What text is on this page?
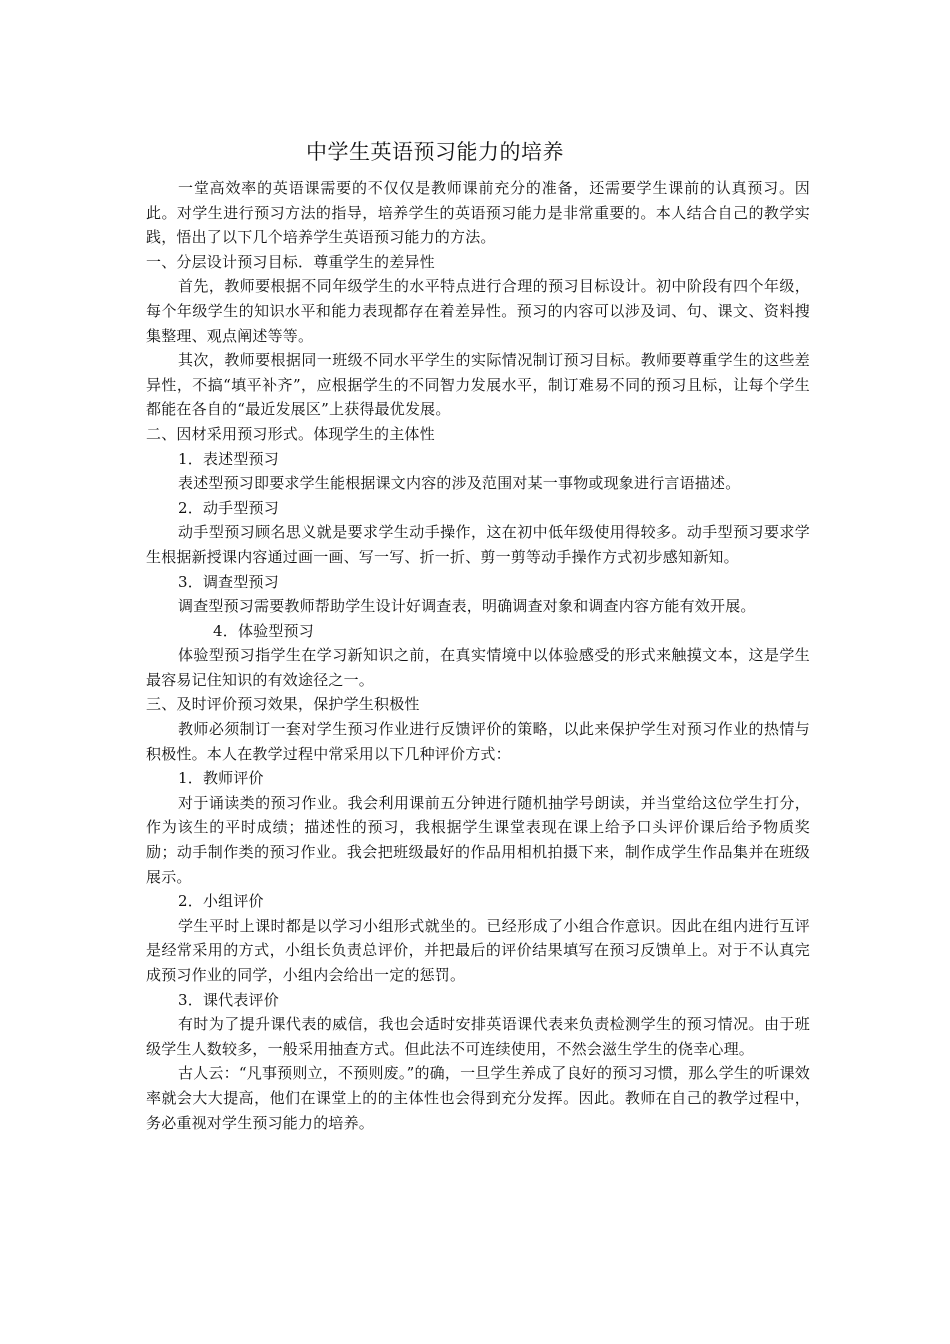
中学生英语预习能力的培养

一堂高效率的英语课需要的不仅仅是教师课前充分的准备，还需要学生课前的认真预习。因此。对学生进行预习方法的指导，培养学生的英语预习能力是非常重要的。本人结合自己的教学实践，悟出了以下几个培养学生英语预习能力的方法。

一、分层设计预习目标．尊重学生的差异性

首先，教师要根据不同年级学生的水平特点进行合理的预习目标设计。初中阶段有四个年级，每个年级学生的知识水平和能力表现都存在着差异性。预习的内容可以涉及词、句、课文、资料搜集整理、观点阐述等等。

其次，教师要根据同一班级不同水平学生的实际情况制订预习目标。教师要尊重学生的这些差异性，不搞“填平补齐”，应根据学生的不同智力发展水平，制订难易不同的预习且标，让每个学生都能在各自的“最近发展区”上获得最优发展。

二、因材采用预习形式。体现学生的主体性

1．表述型预习

表述型预习即要求学生能根据课文内容的涉及范围对某一事物或现象进行言语描述。

2．动手型预习

动手型预习顾名思义就是要求学生动手操作，这在初中低年级使用得较多。动手型预习要求学生根据新授课内容通过画一画、写一写、折一折、剪一剪等动手操作方式初步感知新知。

3．调查型预习

调查型预习需要教师帮助学生设计好调查表，明确调查对象和调查内容方能有效开展。

4．体验型预习

体验型预习指学生在学习新知识之前，在真实情境中以体验感受的形式来触摸文本，这是学生最容易记住知识的有效途径之一。

三、及时评价预习效果，保护学生积极性

教师必须制订一套对学生预习作业进行反馈评价的策略，以此来保护学生对预习作业的热情与积极性。本人在教学过程中常采用以下几种评价方式：

1．教师评价

对于诵读类的预习作业。我会利用课前五分钟进行随机抽学号朗读，并当堂给这位学生打分，作为该生的平时成绩；描述性的预习，我根据学生课堂表现在课上给予口头评价课后给予物质奖励；动手制作类的预习作业。我会把班级最好的作品用相机拍摄下来，制作成学生作品集并在班级展示。

2．小组评价

学生平时上课时都是以学习小组形式就坐的。已经形成了小组合作意识。因此在组内进行互评是经常采用的方式，小组长负责总评价，并把最后的评价结果填写在预习反馈单上。对于不认真完成预习作业的同学，小组内会给出一定的惩罚。

3．课代表评价

有时为了提升课代表的威信，我也会适时安排英语课代表来负责检测学生的预习情况。由于班级学生人数较多，一般采用抽查方式。但此法不可连续使用，不然会滋生学生的侥幸心理。

古人云：“凡事预则立，不预则废。”的确，一旦学生养成了良好的预习习惯，那么学生的听课效率就会大大提高，他们在课堂上的的主体性也会得到充分发挥。因此。教师在自己的教学过程中，务必重视对学生预习能力的培养。
